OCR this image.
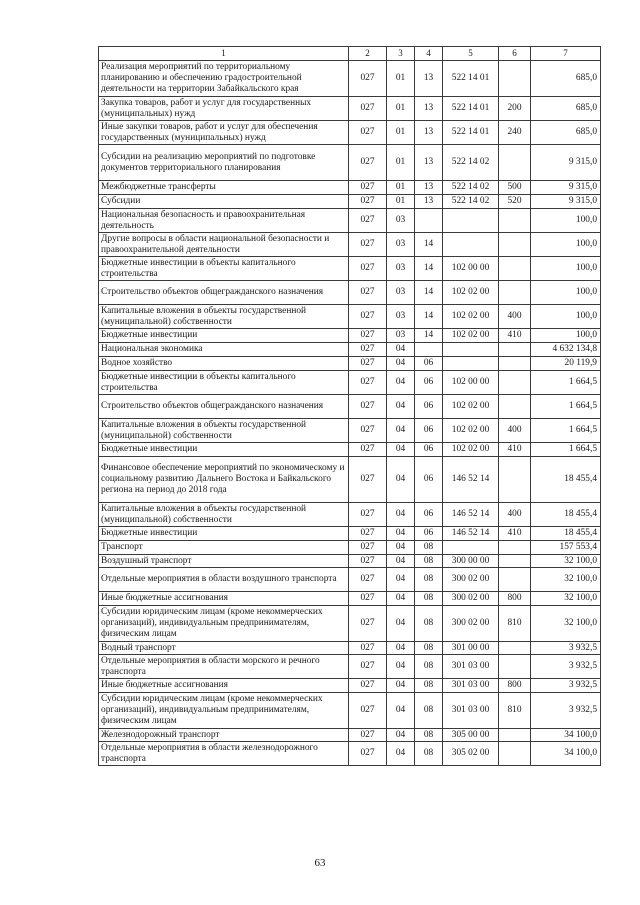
1	2	3	4	5	6	7
Реализация мероприятий по территориальному планированию и обеспечению градостроительной деятельности на территории Забайкальского края	027	01	13	522 14 01		685,0
Закупка товаров, работ и услуг для государственных (муниципальных) нужд	027	01	13	522 14 01	200	685,0
Иные закупки товаров, работ и услуг для обеспечения государственных (муниципальных) нужд	027	01	13	522 14 01	240	685,0
Субсидии на реализацию мероприятий по подготовке документов территориального планирования	027	01	13	522 14 02		9 315,0
Межбюджетные трансферты	027	01	13	522 14 02	500	9 315,0
Субсидии	027	01	13	522 14 02	520	9 315,0
Национальная безопасность и правоохранительная деятельность	027	03				100,0
Другие вопросы в области национальной безопасности и правоохранительной деятельности	027	03	14			100,0
Бюджетные инвестиции в объекты капитального строительства	027	03	14	102 00 00		100,0
Строительство объектов общегражданского назначения	027	03	14	102 02 00		100,0
Капитальные вложения в объекты государственной (муниципальной) собственности	027	03	14	102 02 00	400	100,0
Бюджетные инвестиции	027	03	14	102 02 00	410	100,0
Национальная экономика	027	04				4 632 134,8
Водное хозяйство	027	04	06			20 119,9
Бюджетные инвестиции в объекты капитального строительства	027	04	06	102 00 00		1 664,5
Строительство объектов общегражданского назначения	027	04	06	102 02 00		1 664,5
Капитальные вложения в объекты государственной (муниципальной) собственности	027	04	06	102 02 00	400	1 664,5
Бюджетные инвестиции	027	04	06	102 02 00	410	1 664,5
Финансовое обеспечение мероприятий по экономическому и социальному развитию Дальнего Востока и Байкальского региона на период до 2018 года	027	04	06	146 52 14		18 455,4
Капитальные вложения в объекты государственной (муниципальной) собственности	027	04	06	146 52 14	400	18 455,4
Бюджетные инвестиции	027	04	06	146 52 14	410	18 455,4
Транспорт	027	04	08			157 553,4
Воздушный транспорт	027	04	08	300 00 00		32 100,0
Отдельные мероприятия в области воздушного транспорта	027	04	08	300 02 00		32 100,0
Иные бюджетные ассигнования	027	04	08	300 02 00	800	32 100,0
Субсидии юридическим лицам (кроме некоммерческих организаций), индивидуальным предпринимателям, физическим лицам	027	04	08	300 02 00	810	32 100,0
Водный транспорт	027	04	08	301 00 00		3 932,5
Отдельные мероприятия в области морского и речного транспорта	027	04	08	301 03 00		3 932,5
Иные бюджетные ассигнования	027	04	08	301 03 00	800	3 932,5
Субсидии юридическим лицам (кроме некоммерческих организаций), индивидуальным предпринимателям, физическим лицам	027	04	08	301 03 00	810	3 932,5
Железнодорожный транспорт	027	04	08	305 00 00		34 100,0
Отдельные мероприятия в области железнодорожного транспорта	027	04	08	305 02 00		34 100,0
63
